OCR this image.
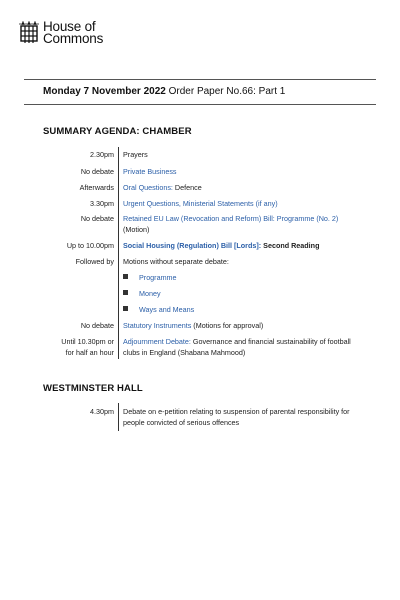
House of
Commons
Monday 7 November 2022 Order Paper No.66: Part 1
SUMMARY AGENDA: CHAMBER
2.30pm Prayers
No debate Private Business
Afterwards Oral Questions: Defence
3.30pm Urgent Questions, Ministerial Statements (if any)
No debate Retained EU Law (Revocation and Reform) Bill: Programme (No. 2)
(Motion)
Up to 10.00pm Social Housing (Regulation) Bill [Lords]: Second Reading
Followed by Motions without separate debate:
Programme
Money
Ways and Means
No debate Statutory Instruments (Motions for approval)
Until 10.30pm or
for half an hour
Adjournment Debate: Governance and financial sustainability of football clubs in England (Shabana Mahmood)
WESTMINSTER HALL
4.30pm Debate on e-petition relating to suspension of parental responsibility for people convicted of serious offences
